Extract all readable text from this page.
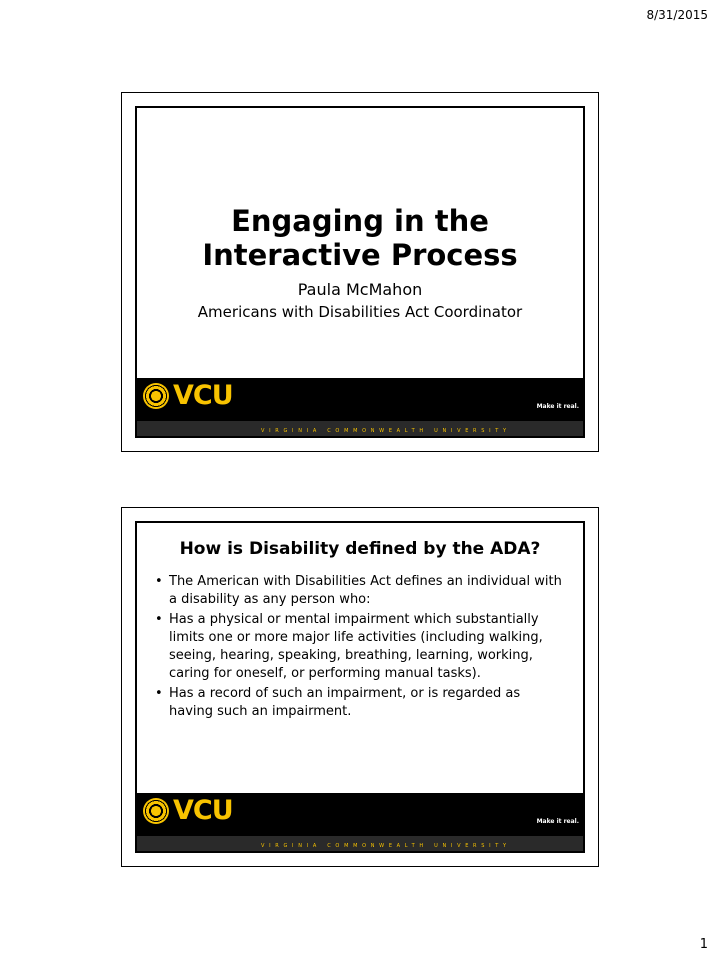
8/31/2015
Engaging in the
Interactive Process
Paula McMahon
Americans with Disabilities Act Coordinator
VCU	Make it real.
VIRGINIA COMMONWEALTH UNIVERSITY
How is Disability defined by the ADA?
• The American with Disabilities Act defines an individual with a disability as any person who:
• Has a physical or mental impairment which substantially limits one or more major life activities (including walking, seeing, hearing, speaking, breathing, learning, working, caring for oneself, or performing manual tasks).
• Has a record of such an impairment, or is regarded as having such an impairment.
VCU	Make it real.
VIRGINIA COMMONWEALTH UNIVERSITY
1
